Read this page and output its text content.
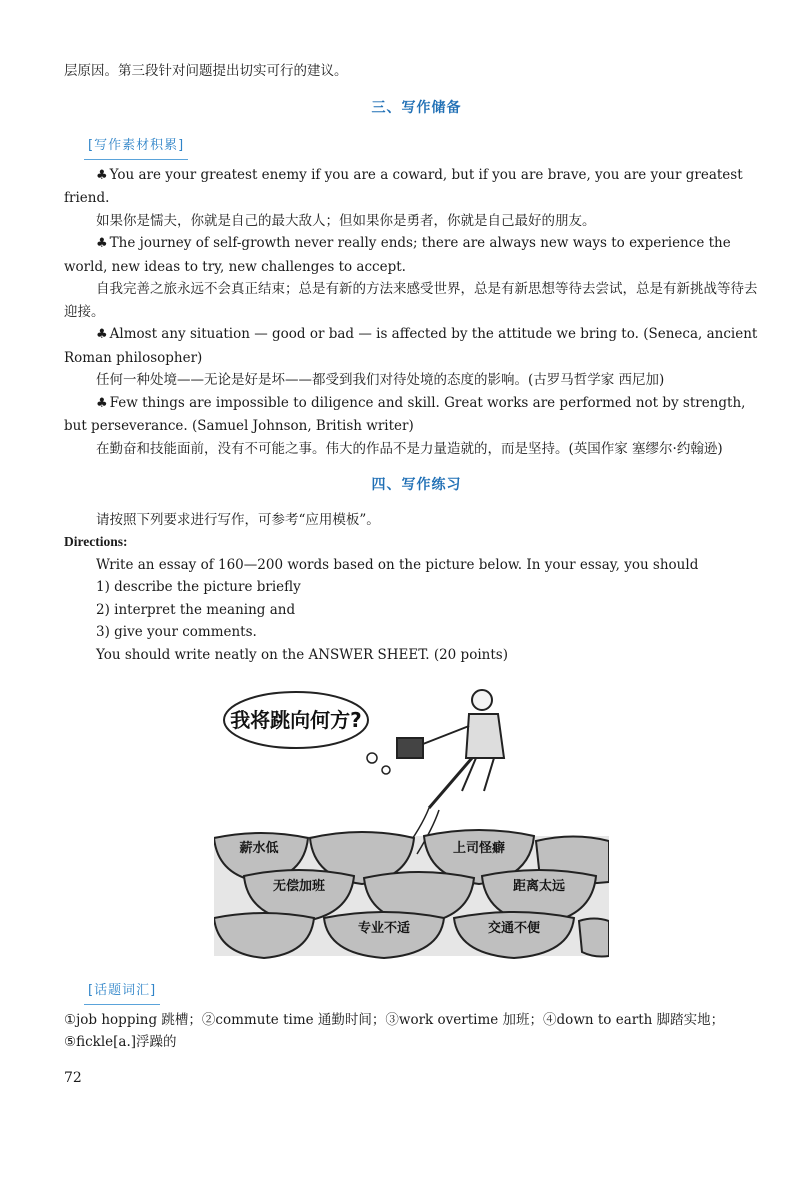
层原因。第三段针对问题提出切实可行的建议。

三、写作储备
[写作素材积累]

♣ You are your greatest enemy if you are a coward, but if you are brave, you are your greatest friend.

如果你是懦夫，你就是自己的最大敌人；但如果你是勇者，你就是自己最好的朋友。

♣ The journey of self-growth never really ends; there are always new ways to experience the world, new ideas to try, new challenges to accept.

自我完善之旅永远不会真正结束；总是有新的方法来感受世界，总是有新思想等待去尝试，总是有新挑战等待去迎接。

♣ Almost any situation — good or bad — is affected by the attitude we bring to. (Seneca, ancient Roman philosopher)

任何一种处境——无论是好是坏——都受到我们对待处境的态度的影响。(古罗马哲学家 西尼加)

♣ Few things are impossible to diligence and skill. Great works are performed not by strength, but perseverance. (Samuel Johnson, British writer)

在勤奋和技能面前，没有不可能之事。伟大的作品不是力量造就的，而是坚持。(英国作家 塞缪尔·约翰逊)

四、写作练习

请按照下列要求进行写作，可参考“应用模板”。

Directions:

Write an essay of 160—200 words based on the picture below. In your essay, you should

1) describe the picture briefly

2) interpret the meaning and

3) give your comments.

You should write neatly on the ANSWER SHEET. (20 points)

我将跳向何方?
薪水低	上司怪癖
无偿加班	距离太远
专业不适	交通不便
[话题词汇]

①job hopping 跳槽；②commute time 通勤时间；③work overtime 加班；④down to earth 脚踏实地；

⑤fickle[a.]浮躁的

72
